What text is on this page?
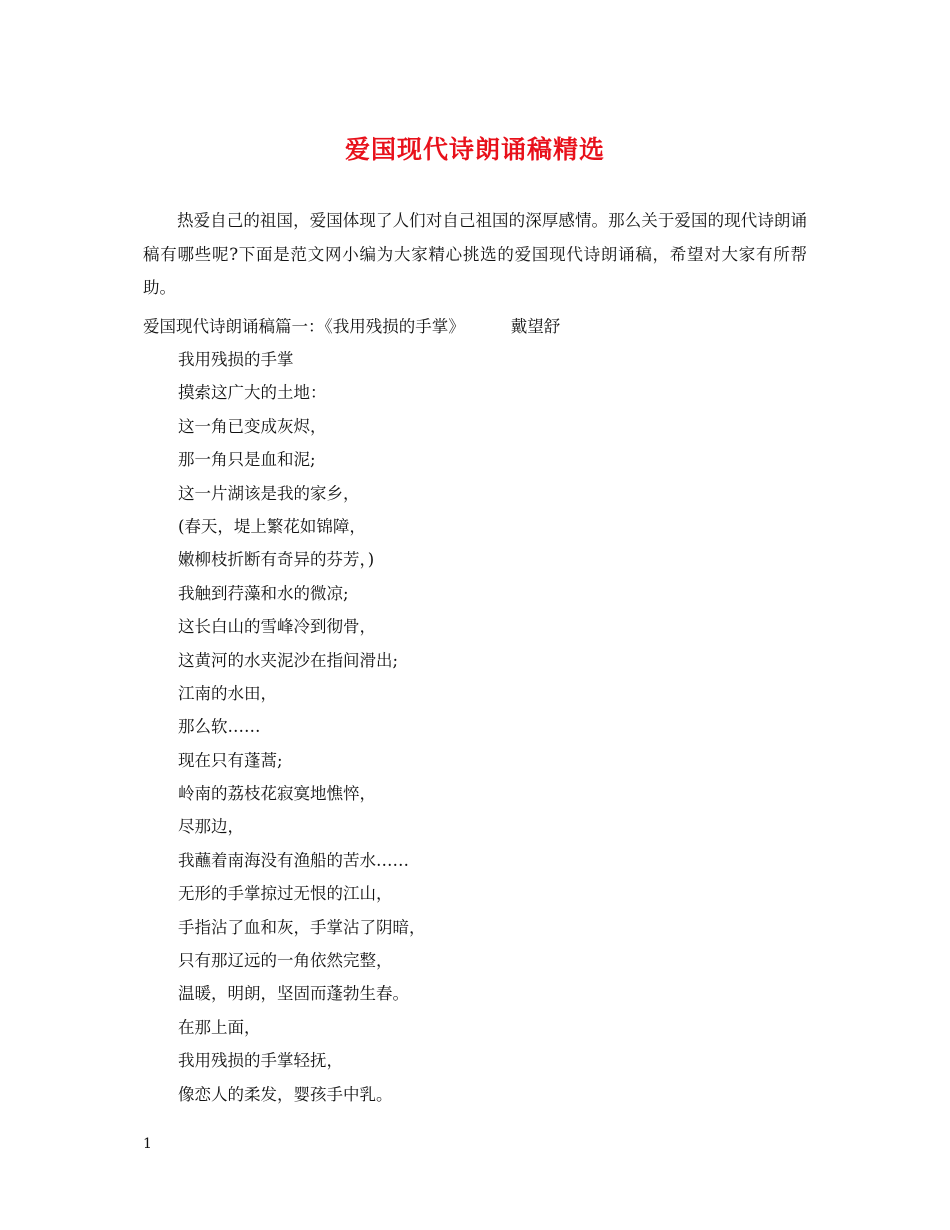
爱国现代诗朗诵稿精选

热爱自己的祖国，爱国体现了人们对自己祖国的深厚感情。那么关于爱国的现代诗朗诵稿有哪些呢?下面是范文网小编为大家精心挑选的爱国现代诗朗诵稿，希望对大家有所帮助。

爱国现代诗朗诵稿篇一：《我用残损的手掌》	戴望舒
我用残损的手掌
摸索这广大的土地：
这一角已变成灰烬，
那一角只是血和泥;
这一片湖该是我的家乡，
(春天，堤上繁花如锦障，
嫩柳枝折断有奇异的芬芳，)
我触到荇藻和水的微凉;
这长白山的雪峰冷到彻骨，
这黄河的水夹泥沙在指间滑出;
江南的水田，
那么软……
现在只有蓬蒿;
岭南的荔枝花寂寞地憔悴，
尽那边，
我蘸着南海没有渔船的苦水……
无形的手掌掠过无恨的江山，
手指沾了血和灰，手掌沾了阴暗，
只有那辽远的一角依然完整，
温暖，明朗，坚固而蓬勃生春。
在那上面，
我用残损的手掌轻抚，
像恋人的柔发，婴孩手中乳。
1
